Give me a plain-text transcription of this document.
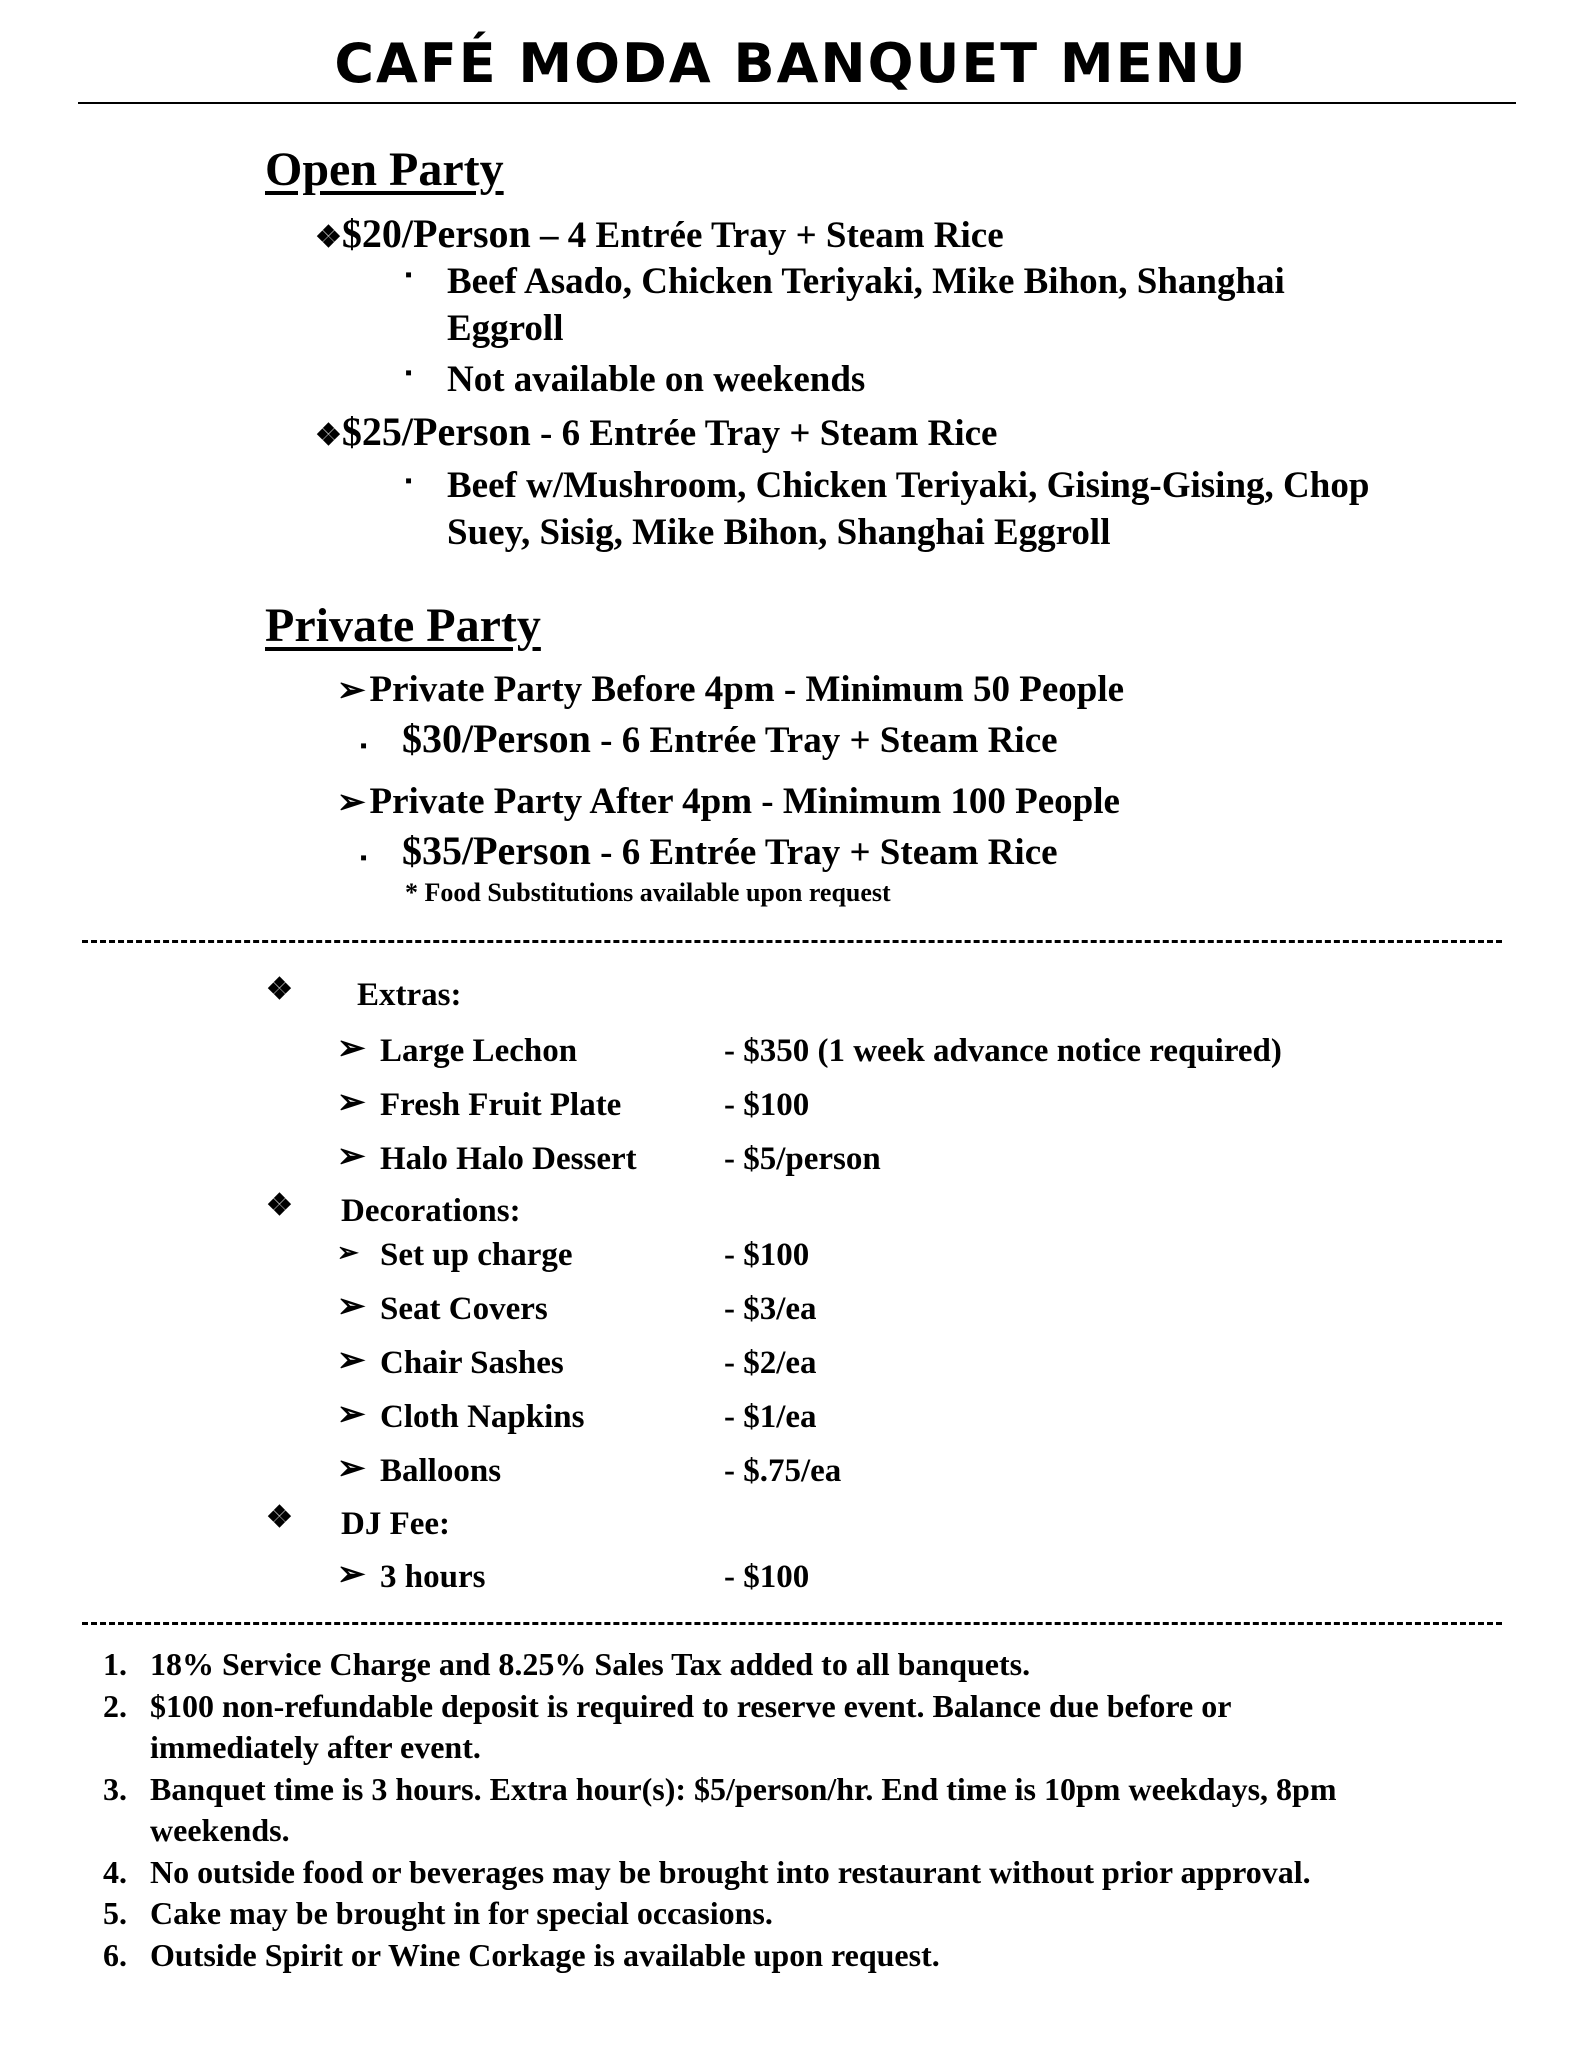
CAFÉ MODA BANQUET MENU
Open Party
❖$20/Person – 4 Entrée Tray + Steam Rice
▪ Beef Asado, Chicken Teriyaki, Mike Bihon, Shanghai
Eggroll
▪ Not available on weekends
❖$25/Person - 6 Entrée Tray + Steam Rice
▪ Beef w/Mushroom, Chicken Teriyaki, Gising-Gising, Chop
Suey, Sisig, Mike Bihon, Shanghai Eggroll
Private Party
➢ Private Party Before 4pm - Minimum 50 People
▪ $30/Person - 6 Entrée Tray + Steam Rice
➢ Private Party After 4pm - Minimum 100 People
▪ $35/Person - 6 Entrée Tray + Steam Rice
* Food Substitutions available upon request
❖ Extras:
➢ Large Lechon	- $350 (1 week advance notice required)
➢ Fresh Fruit Plate	- $100
➢ Halo Halo Dessert	- $5/person
❖ Decorations:
➢ Set up charge	- $100
➢ Seat Covers	- $3/ea
➢ Chair Sashes	- $2/ea
➢ Cloth Napkins	- $1/ea
➢ Balloons	- $.75/ea
❖ DJ Fee:
➢ 3 hours	- $100
1. 18% Service Charge and 8.25% Sales Tax added to all banquets.
2. $100 non-refundable deposit is required to reserve event. Balance due before or
immediately after event.
3. Banquet time is 3 hours. Extra hour(s): $5/person/hr. End time is 10pm weekdays, 8pm
weekends.
4. No outside food or beverages may be brought into restaurant without prior approval.
5. Cake may be brought in for special occasions.
6. Outside Spirit or Wine Corkage is available upon request.
